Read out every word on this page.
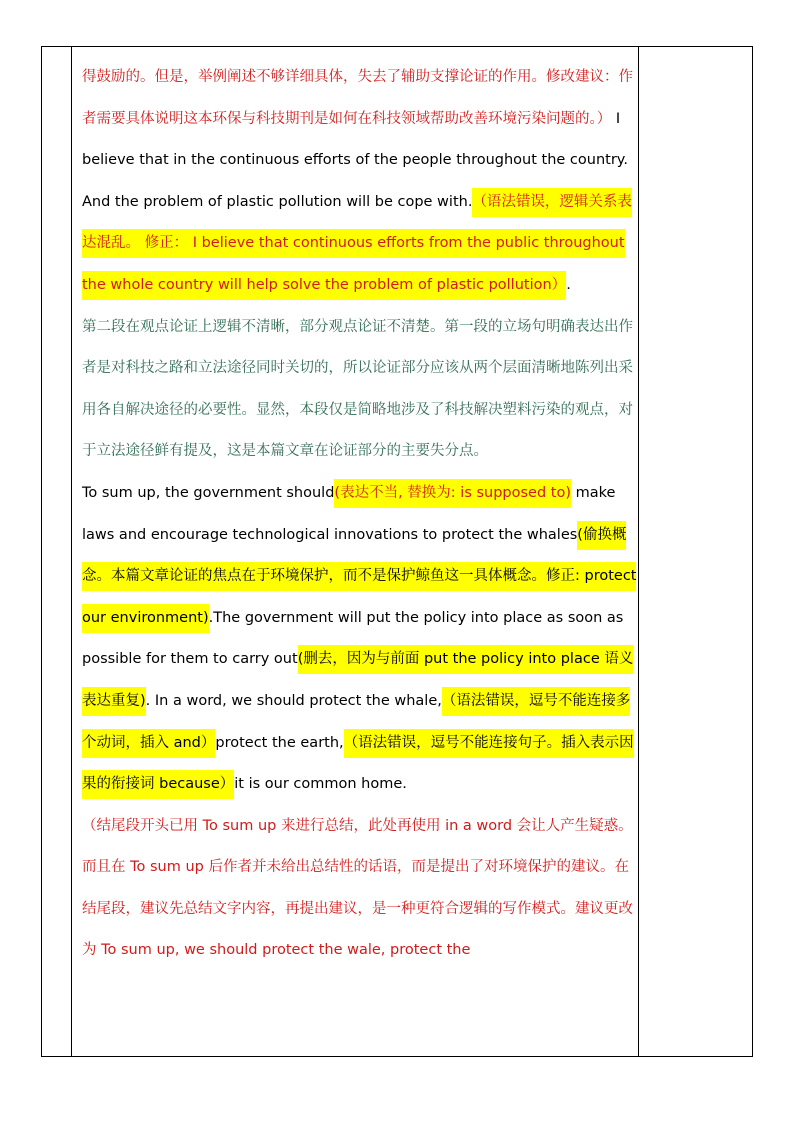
得鼓励的。但是，举例阐述不够详细具体，失去了辅助支撑论证的作用。修改建议：作者需要具体说明这本环保与科技期刊是如何在科技领域帮助改善环境污染问题的。） I believe that in the continuous efforts of the people throughout the country. And the problem of plastic pollution will be cope with.（语法错误，逻辑关系表达混乱。 修正： I believe that continuous efforts from the public throughout the whole country will help solve the problem of plastic pollution）.

第二段在观点论证上逻辑不清晰，部分观点论证不清楚。第一段的立场句明确表达出作者是对科技之路和立法途径同时关切的，所以论证部分应该从两个层面清晰地陈列出采用各自解决途径的必要性。显然，本段仅是简略地涉及了科技解决塑料污染的观点，对于立法途径鲜有提及，这是本篇文章在论证部分的主要失分点。

To sum up, the government should(表达不当, 替换为: is supposed to) make laws and encourage technological innovations to protect the whales(偷换概念。本篇文章论证的焦点在于环境保护，而不是保护鲸鱼这一具体概念。修正: protect our environment).The government will put the policy into place as soon as possible for them to carry out(删去，因为与前面 put the policy into place 语义表达重复). In a word, we should protect the whale,（语法错误，逗号不能连接多个动词，插入 and）protect the earth,（语法错误，逗号不能连接句子。插入表示因果的衔接词 because）it is our common home.

（结尾段开头已用 To sum up 来进行总结，此处再使用 in a word 会让人产生疑惑。而且在 To sum up 后作者并未给出总结性的话语，而是提出了对环境保护的建议。在结尾段，建议先总结文字内容，再提出建议，是一种更符合逻辑的写作模式。建议更改为 To sum up, we should protect the wale, protect the
